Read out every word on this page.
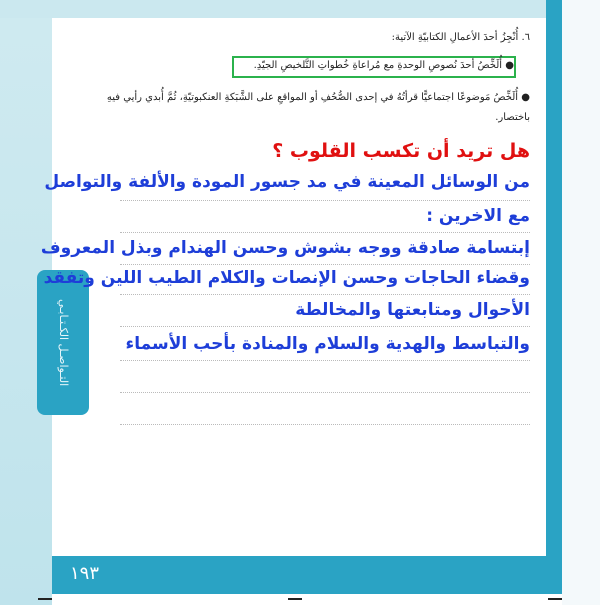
التـواصـل الكـتـابـي
٦. أُنْجِزُ أحدَ الأعمالِ الكتابيّةِ الآتية:
● أُلَخِّصُ أحدَ نُصوصِ الوحدةِ مع مُراعاةِ خُطواتِ التَّلخيصِ الجيّدِ.
● أُلَخِّصُ مَوضوعًا اجتماعيًّا قرأتُهُ في إحدى الصُّحُفِ أو المواقعِ على الشَّبَكةِ العنكبوتيّةِ، ثُمَّ أُبدي رأيي فيهِ
باختصار.
هل تريد أن تكسب القلوب ؟
من الوسائل المعينة في مد جسور المودة والألفة والتواصل
مع الاخرين :
إبتسامة صادقة ووجه بشوش وحسن الهندام وبذل المعروف
وقضاء الحاجات وحسن الإنصات والكلام الطيب اللين وتفقد
الأحوال ومتابعتها والمخالطة
والتباسط والهدية والسلام والمنادة بأحب الأسماء
١٩٣
